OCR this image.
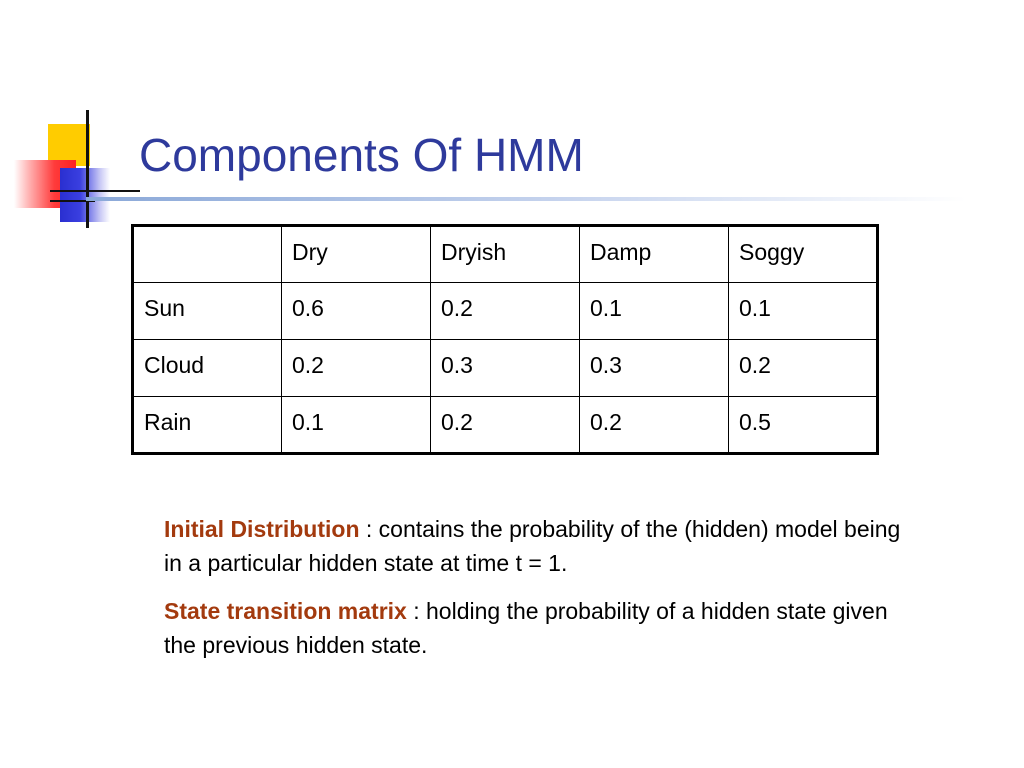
Components Of HMM
	Dry	Dryish	Damp	Soggy
Sun	0.6	0.2	0.1	0.1
Cloud	0.2	0.3	0.3	0.2
Rain	0.1	0.2	0.2	0.5

Initial Distribution : contains the probability of the (hidden) model being in a particular hidden state at time t = 1.

State transition matrix : holding the probability of a hidden state given the previous hidden state.
